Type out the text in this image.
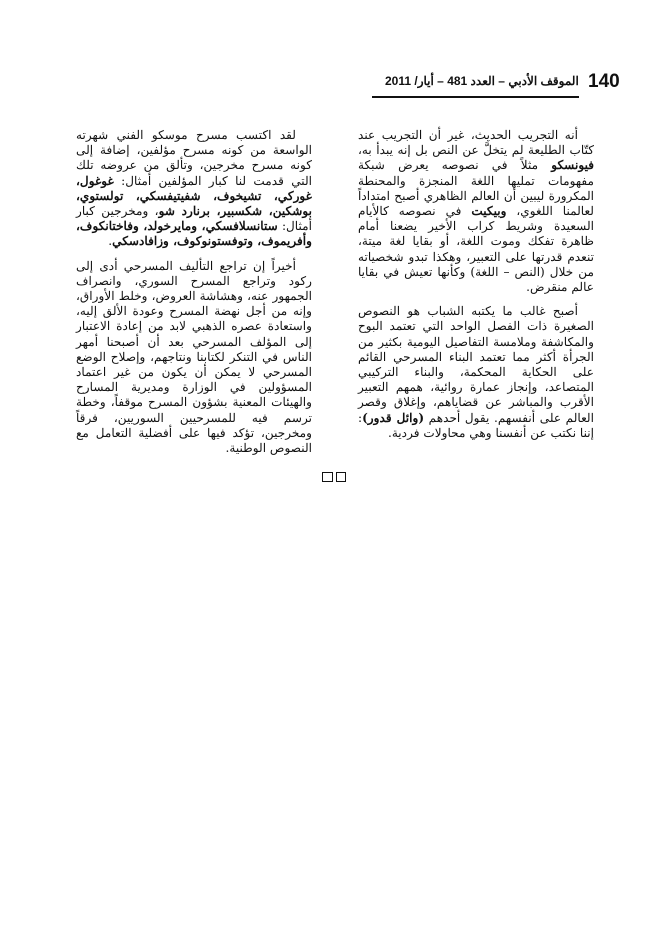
140
الموقف الأدبي – العدد 481 – أيار/ 2011

أنه التجريب الحديث، غير أن التجريب عند كتّاب الطليعة لم يتخلَّ عن النص بل إنه يبدأ به، فيونسكو مثلاً في نصوصه يعرض شبكة مفهومات تمليها اللغة المنجزة والمحنطة المكرورة ليبين أن العالم الظاهري أصبح امتداداً لعالمنا اللغوي، وبيكيت في نصوصه كالأيام السعيدة وشريط كراب الأخير يضعنا أمام ظاهرة تفكك وموت اللغة، أو بقايا لغة ميتة، تنعدم قدرتها على التعبير، وهكذا تبدو شخصياته من خلال (النص – اللغة) وكأنها تعيش في بقايا عالم منقرض.

أصبح غالب ما يكتبه الشباب هو النصوص الصغيرة ذات الفصل الواحد التي تعتمد البوح والمكاشفة وملامسة التفاصيل اليومية بكثير من الجرأة أكثر مما تعتمد البناء المسرحي القائم على الحكاية المحكمة، والبناء التركيبي المتصاعد، وإنجاز عمارة روائية، همهم التعبير الأقرب والمباشر عن قضاياهم، وإغلاق وقصر العالم على أنفسهم. يقول أحدهم (وائل قدور): إننا نكتب عن أنفسنا وهي محاولات فردية.

لقد اكتسب مسرح موسكو الفني شهرته الواسعة من كونه مسرح مؤلفين، إضافة إلى كونه مسرح مخرجين، وتألق من عروضه تلك التي قدمت لنا كبار المؤلفين أمثال: غوغول، غوركي، تشيخوف، شفيتيفسكي، تولستوي، بوشكين، شكسبير، برنارد شو، ومخرجين كبار أمثال: ستانسلافسكي، ومايرخولد، وفاختانكوف، وأفريموف، وتوفستونوكوف، وزافادسكي.

أخيراً إن تراجع التأليف المسرحي أدى إلى ركود وتراجع المسرح السوري، وانصراف الجمهور عنه، وهشاشة العروض، وخلط الأوراق، وإنه من أجل نهضة المسرح وعودة الألق إليه، واستعادة عصره الذهبي لابد من إعادة الاعتبار إلى المؤلف المسرحي بعد أن أصبحنا أمهر الناس في التنكر لكتابنا ونتاجهم، وإصلاح الوضع المسرحي لا يمكن أن يكون من غير اعتماد المسؤولين في الوزارة ومديرية المسارح والهيئات المعنية بشؤون المسرح موقفاً، وخطة ترسم فيه للمسرحيين السوريين، فرقاً ومخرجين، تؤكد فيها على أفضلية التعامل مع النصوص الوطنية.
